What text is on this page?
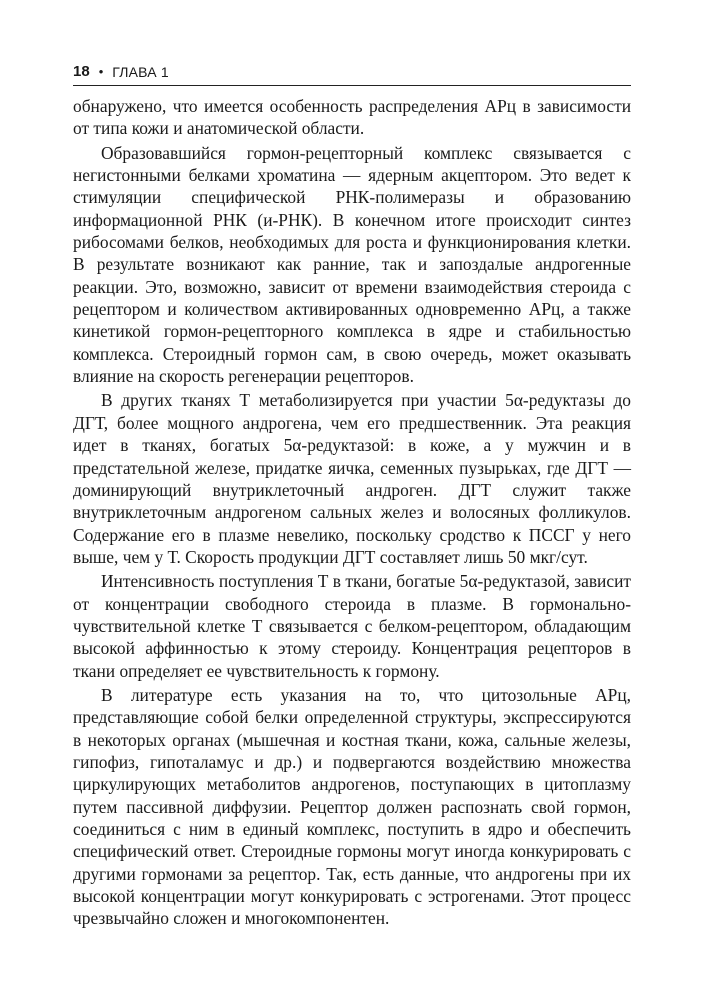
18 • ГЛАВА 1

обнаружено, что имеется особенность распределения АРц в зависимости от типа кожи и анатомической области.

Образовавшийся гормон-рецепторный комплекс связывается с негистонными белками хроматина — ядерным акцептором. Это ведет к стимуляции специфической РНК-полимеразы и образованию информационной РНК (и-РНК). В конечном итоге происходит синтез рибосомами белков, необходимых для роста и функционирования клетки. В результате возникают как ранние, так и запоздалые андрогенные реакции. Это, возможно, зависит от времени взаимодействия стероида с рецептором и количеством активированных одновременно АРц, а также кинетикой гормон-рецепторного комплекса в ядре и стабильностью комплекса. Стероидный гормон сам, в свою очередь, может оказывать влияние на скорость регенерации рецепторов.

В других тканях Т метаболизируется при участии 5α-редуктазы до ДГТ, более мощного андрогена, чем его предшественник. Эта реакция идет в тканях, богатых 5α-редуктазой: в коже, а у мужчин и в предстательной железе, придатке яичка, семенных пузырьках, где ДГТ — доминирующий внутриклеточный андроген. ДГТ служит также внутриклеточным андрогеном сальных желез и волосяных фолликулов. Содержание его в плазме невелико, поскольку сродство к ПССГ у него выше, чем у Т. Скорость продукции ДГТ составляет лишь 50 мкг/сут.

Интенсивность поступления Т в ткани, богатые 5α-редуктазой, зависит от концентрации свободного стероида в плазме. В гормонально-чувствительной клетке Т связывается с белком-рецептором, обладающим высокой аффинностью к этому стероиду. Концентрация рецепторов в ткани определяет ее чувствительность к гормону.

В литературе есть указания на то, что цитозольные АРц, представляющие собой белки определенной структуры, экспрессируются в некоторых органах (мышечная и костная ткани, кожа, сальные железы, гипофиз, гипоталамус и др.) и подвергаются воздействию множества циркулирующих метаболитов андрогенов, поступающих в цитоплазму путем пассивной диффузии. Рецептор должен распознать свой гормон, соединиться с ним в единый комплекс, поступить в ядро и обеспечить специфический ответ. Стероидные гормоны могут иногда конкурировать с другими гормонами за рецептор. Так, есть данные, что андрогены при их высокой концентрации могут конкурировать с эстрогенами. Этот процесс чрезвычайно сложен и многокомпонентен.
